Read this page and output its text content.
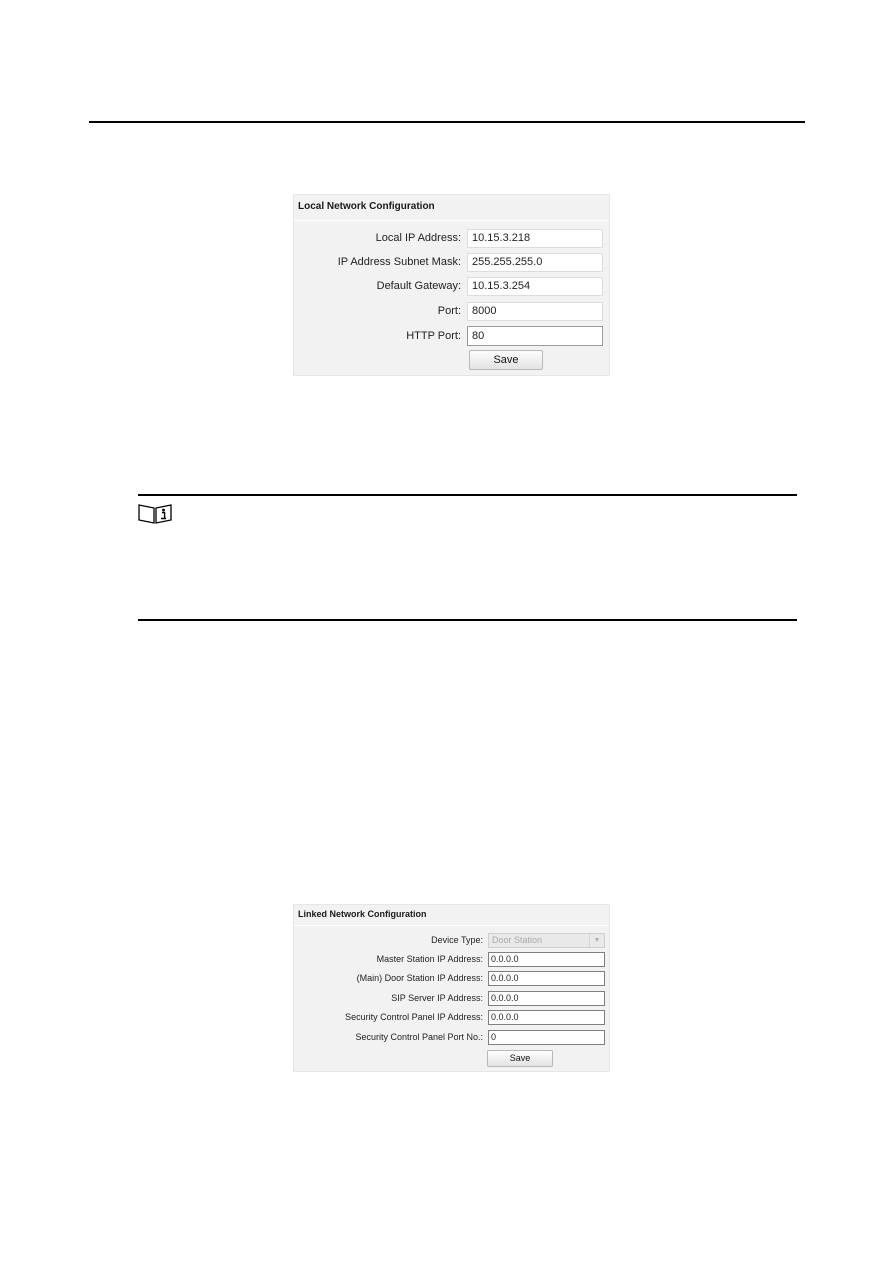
Local Network Configuration
Local IP Address:	10.15.3.218
IP Address Subnet Mask:	255.255.255.0
Default Gateway:	10.15.3.254
Port:	8000
HTTP Port:	80
Save
Linked Network Configuration
Device Type:	Door Station	▼
Master Station IP Address: 0.0.0.0
(Main) Door Station IP Address: 0.0.0.0
SIP Server IP Address: 0.0.0.0
Security Control Panel IP Address: 0.0.0.0
Security Control Panel Port No.: 0
Save
